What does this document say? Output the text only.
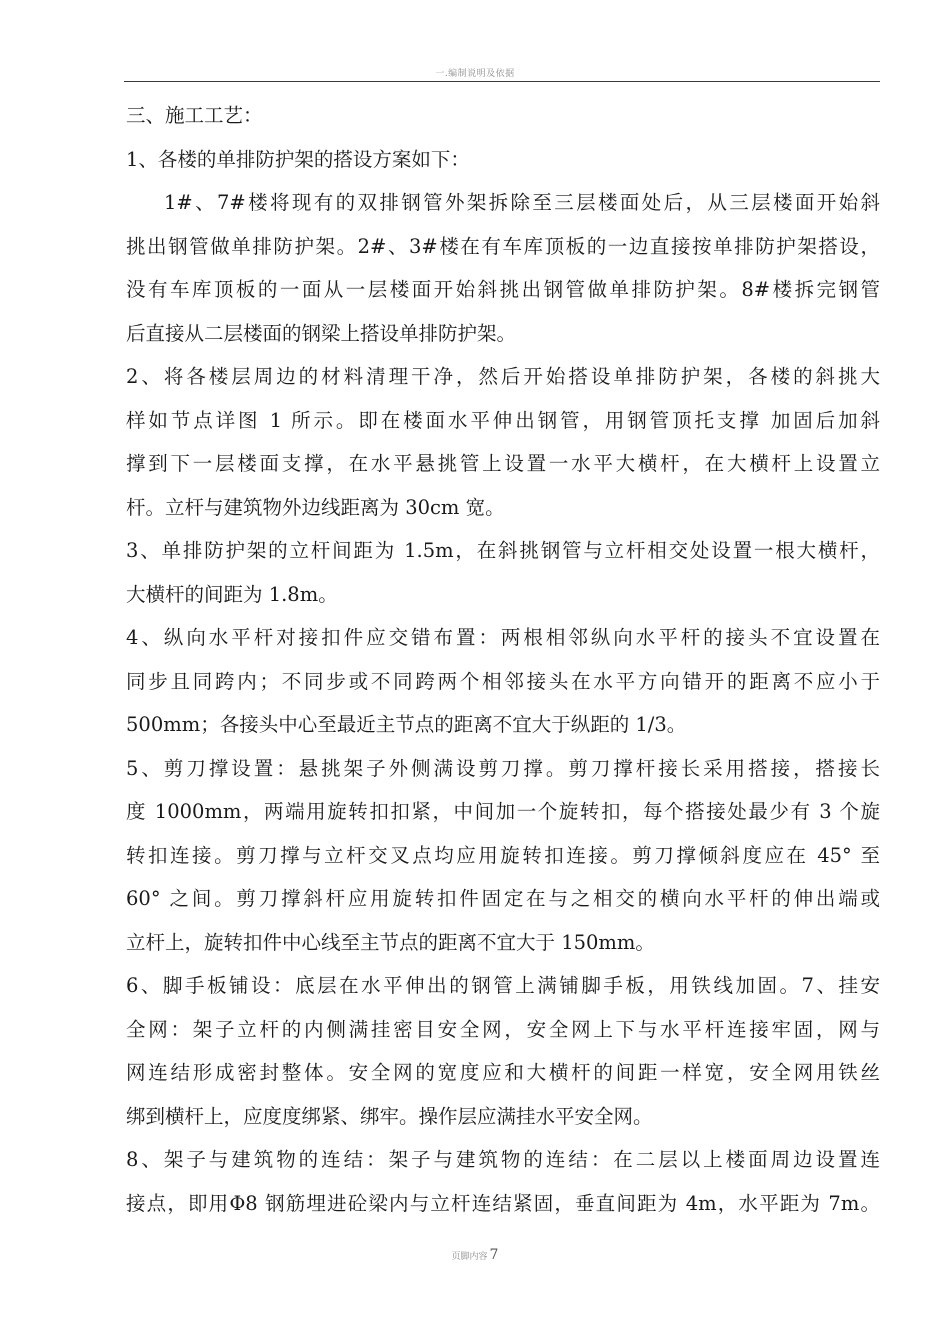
一.编制说明及依据
三、施工工艺：
1、各楼的单排防护架的搭设方案如下：
1#、7#楼将现有的双排钢管外架拆除至三层楼面处后，从三层楼面开始斜
挑出钢管做单排防护架。2#、3#楼在有车库顶板的一边直接按单排防护架搭设，
没有车库顶板的一面从一层楼面开始斜挑出钢管做单排防护架。8#楼拆完钢管
后直接从二层楼面的钢梁上搭设单排防护架。
2、将各楼层周边的材料清理干净，然后开始搭设单排防护架，各楼的斜挑大
样如节点详图 1 所示。即在楼面水平伸出钢管，用钢管顶托支撑 加固后加斜
撑到下一层楼面支撑，在水平悬挑管上设置一水平大横杆，在大横杆上设置立
杆。立杆与建筑物外边线距离为 30cm 宽。
3、单排防护架的立杆间距为 1.5m，在斜挑钢管与立杆相交处设置一根大横杆，
大横杆的间距为 1.8m。
4、纵向水平杆对接扣件应交错布置：两根相邻纵向水平杆的接头不宜设置在
同步且同跨内；不同步或不同跨两个相邻接头在水平方向错开的距离不应小于
500mm；各接头中心至最近主节点的距离不宜大于纵距的 1/3。
5、剪刀撑设置：悬挑架子外侧满设剪刀撑。剪刀撑杆接长采用搭接，搭接长
度 1000mm，两端用旋转扣扣紧，中间加一个旋转扣，每个搭接处最少有 3 个旋
转扣连接。剪刀撑与立杆交叉点均应用旋转扣连接。剪刀撑倾斜度应在 45° 至
60° 之间。剪刀撑斜杆应用旋转扣件固定在与之相交的横向水平杆的伸出端或
立杆上，旋转扣件中心线至主节点的距离不宜大于 150mm。
6、脚手板铺设：底层在水平伸出的钢管上满铺脚手板，用铁线加固。7、挂安
全网：架子立杆的内侧满挂密目安全网，安全网上下与水平杆连接牢固，网与
网连结形成密封整体。安全网的宽度应和大横杆的间距一样宽，安全网用铁丝
绑到横杆上，应度度绑紧、绑牢。操作层应满挂水平安全网。
8、架子与建筑物的连结：架子与建筑物的连结：在二层以上楼面周边设置连
接点，即用Φ8 钢筋埋进砼梁内与立杆连结紧固，垂直间距为 4m，水平距为 7m。
页脚内容 7
